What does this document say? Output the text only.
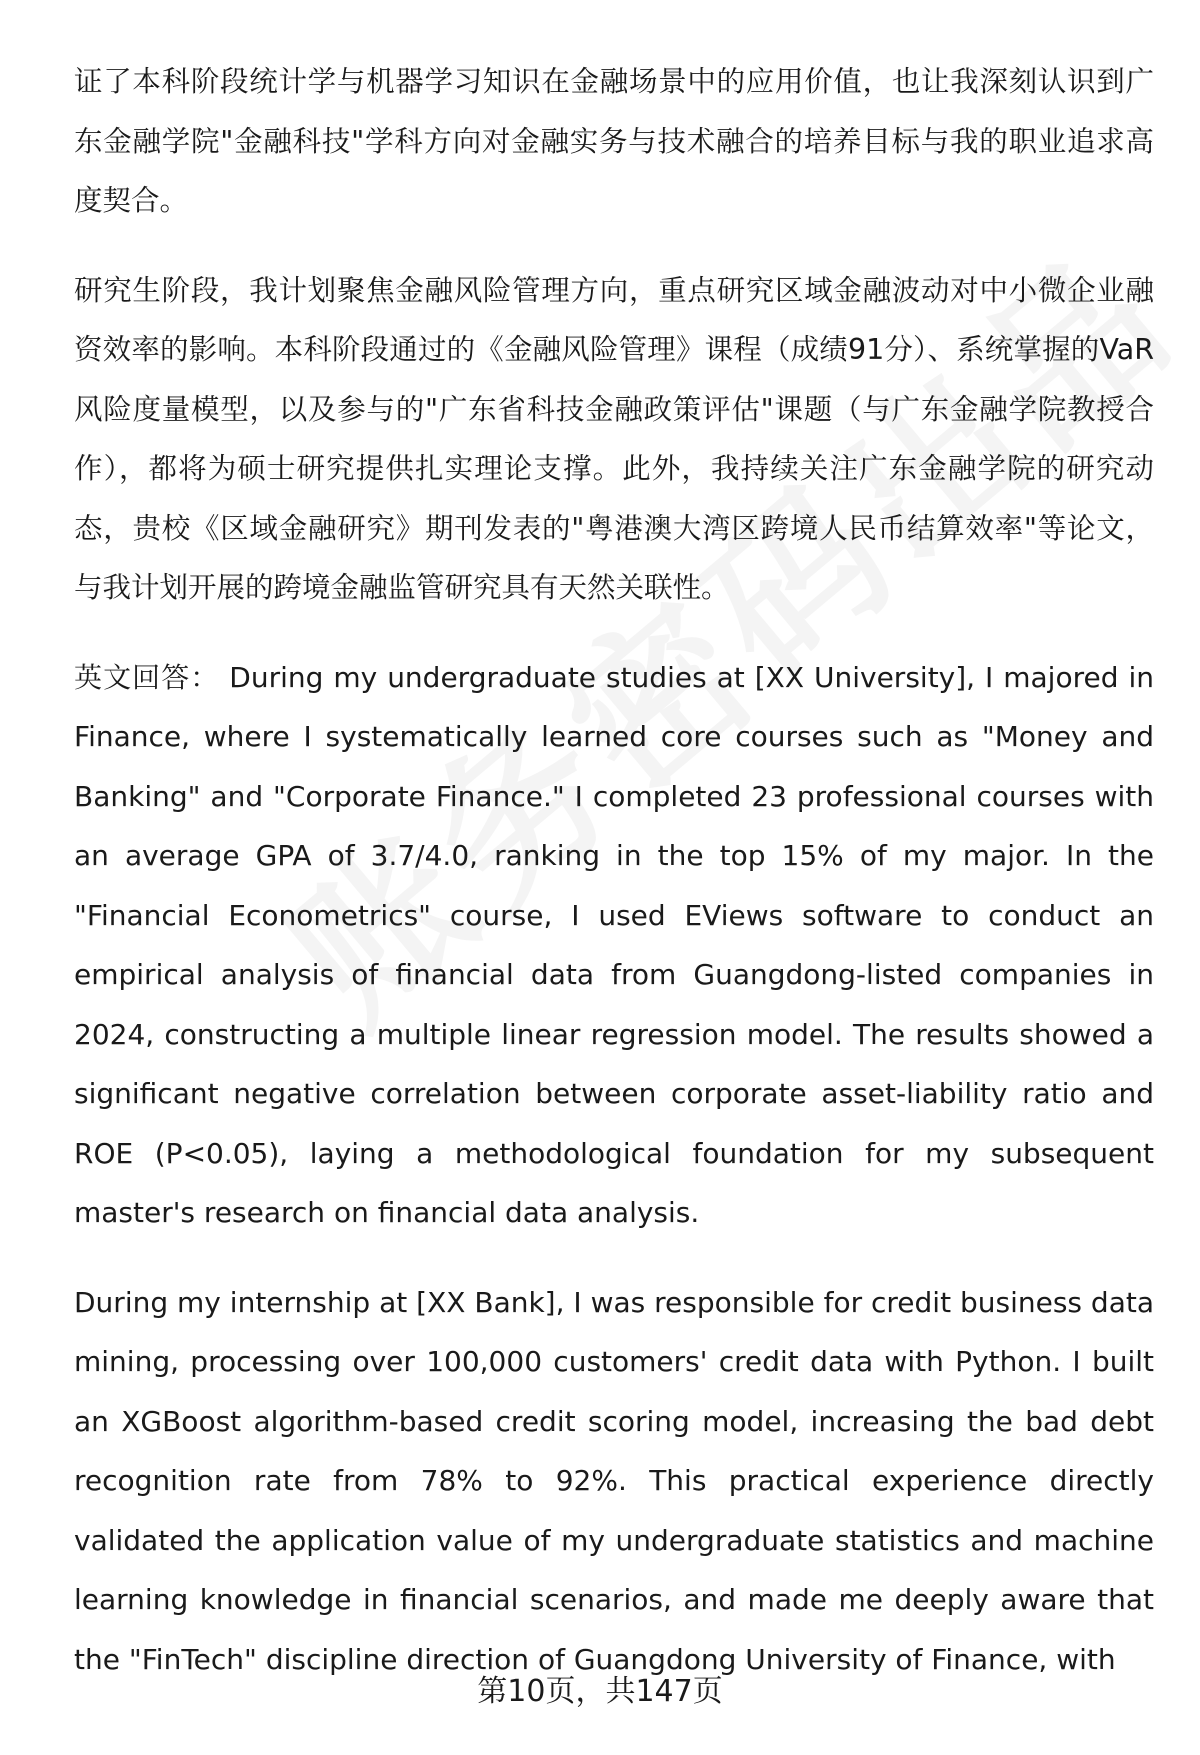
证了本科阶段统计学与机器学习知识在金融场景中的应用价值，也让我深刻认识到广东金融学院"金融科技"学科方向对金融实务与技术融合的培养目标与我的职业追求高度契合。

研究生阶段，我计划聚焦金融风险管理方向，重点研究区域金融波动对中小微企业融资效率的影响。本科阶段通过的《金融风险管理》课程（成绩91分）、系统掌握的VaR风险度量模型，以及参与的"广东省科技金融政策评估"课题（与广东金融学院教授合作），都将为硕士研究提供扎实理论支撑。此外，我持续关注广东金融学院的研究动态，贵校《区域金融研究》期刊发表的"粤港澳大湾区跨境人民币结算效率"等论文，与我计划开展的跨境金融监管研究具有天然关联性。

英文回答： During my undergraduate studies at [XX University], I majored in Finance, where I systematically learned core courses such as "Money and Banking" and "Corporate Finance." I completed 23 professional courses with an average GPA of 3.7/4.0, ranking in the top 15% of my major. In the "Financial Econometrics" course, I used EViews software to conduct an empirical analysis of financial data from Guangdong-listed companies in 2024, constructing a multiple linear regression model. The results showed a significant negative correlation between corporate asset-liability ratio and ROE (P<0.05), laying a methodological foundation for my subsequent master's research on financial data analysis.

During my internship at [XX Bank], I was responsible for credit business data mining, processing over 100,000 customers' credit data with Python. I built an XGBoost algorithm-based credit scoring model, increasing the bad debt recognition rate from 78% to 92%. This practical experience directly validated the application value of my undergraduate statistics and machine learning knowledge in financial scenarios, and made me deeply aware that the "FinTech" discipline direction of Guangdong University of Finance, with

第10页，共147页
